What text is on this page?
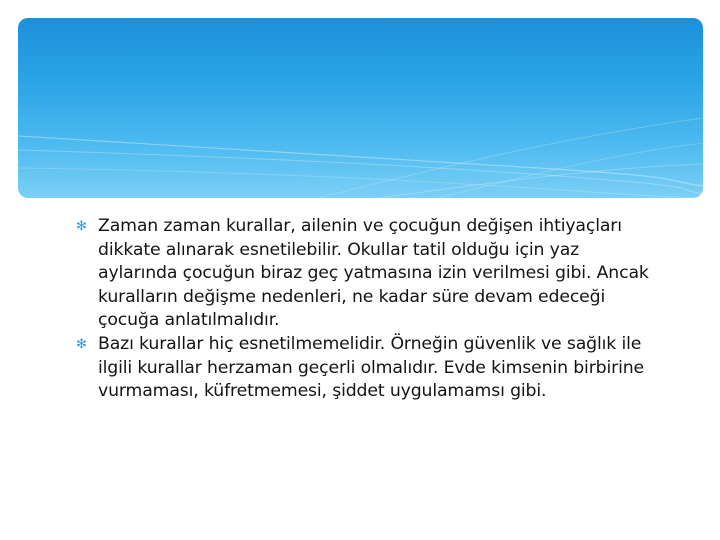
✻ Zaman zaman kurallar, ailenin ve çocuğun değişen ihtiyaçları dikkate alınarak esnetilebilir. Okullar tatil olduğu için yaz aylarında çocuğun biraz geç yatmasına izin verilmesi gibi. Ancak kuralların değişme nedenleri, ne kadar süre devam edeceği çocuğa anlatılmalıdır.

✻ Bazı kurallar hiç esnetilmemelidir. Örneğin güvenlik ve sağlık ile ilgili kurallar herzaman geçerli olmalıdır. Evde kimsenin birbirine vurmaması, küfretmemesi, şiddet uygulamamsı gibi.
